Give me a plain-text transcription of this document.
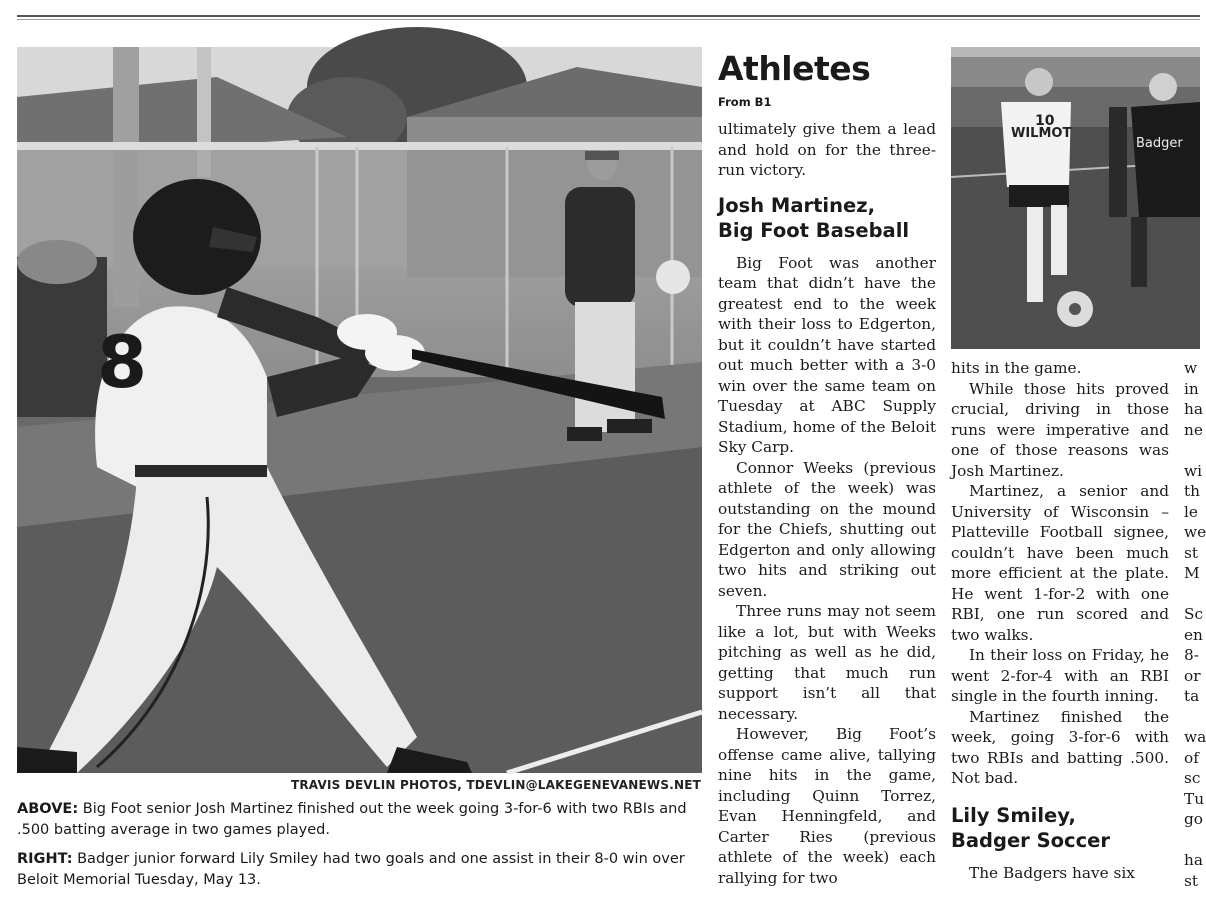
8
TRAVIS DEVLIN PHOTOS, TDEVLIN@LAKEGENEVANEWS.NET
ABOVE: Big Foot senior Josh Martinez finished out the week going 3-for-6 with two RBIs and .500 batting average in two games played.
RIGHT: Badger junior forward Lily Smiley had two goals and one assist in their 8-0 win over Beloit Memorial Tuesday, May 13.
Athletes
From B1

ultimately give them a lead and hold on for the three-run victory.

Josh Martinez,
Big Foot Baseball

Big Foot was another team that didn’t have the greatest end to the week with their loss to Edgerton, but it couldn’t have started out much better with a 3-0 win over the same team on Tuesday at ABC Supply Stadium, home of the Beloit Sky Carp.

Connor Weeks (previous athlete of the week) was outstanding on the mound for the Chiefs, shutting out Edgerton and only allowing two hits and striking out seven.

Three runs may not seem like a lot, but with Weeks pitching as well as he did, getting that much run support isn’t all that necessary.

However, Big Foot’s offense came alive, tallying nine hits in the game, including Quinn Torrez, Evan Henningfeld, and Carter Ries (previous athlete of the week) each rallying for two

WILMOT
10
Badger

hits in the game.

While those hits proved crucial, driving in those runs were imperative and one of those reasons was Josh Martinez.

Martinez, a senior and University of Wisconsin – Platteville Football signee, couldn’t have been much more efficient at the plate. He went 1-for-2 with one RBI, one run scored and two walks.

In their loss on Friday, he went 2-for-4 with an RBI single in the fourth inning.

Martinez finished the week, going 3-for-6 with two RBIs and batting .500. Not bad.

Lily Smiley,
Badger Soccer

The Badgers have six

w
in
ha
ne

wi
th
le
we
st
M

Sc
en
8-
or
ta

wa
of
sc
Tu
go

ha
st
